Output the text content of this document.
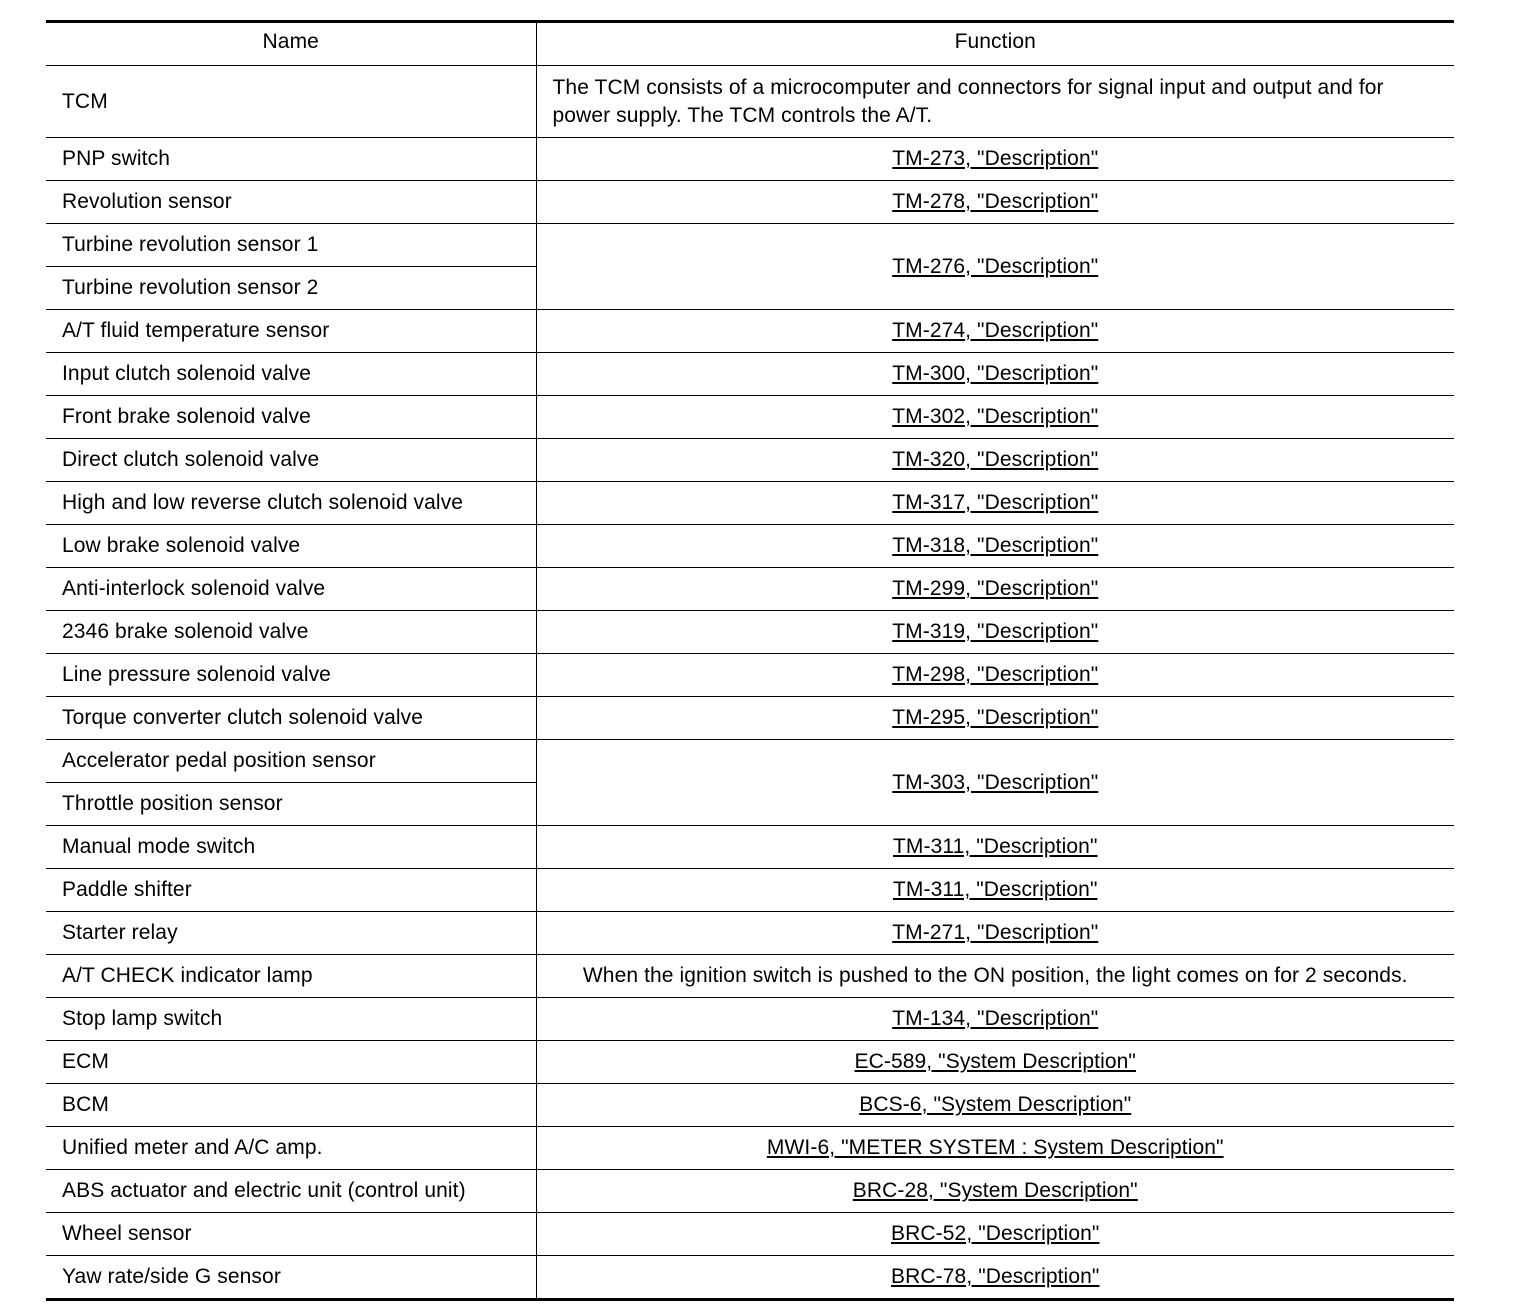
Name	Function
TCM	The TCM consists of a microcomputer and connectors for signal input and output and for power supply. The TCM controls the A/T.
PNP switch	TM-273, "Description"
Revolution sensor	TM-278, "Description"
Turbine revolution sensor 1	TM-276, "Description"
Turbine revolution sensor 2	
A/T fluid temperature sensor	TM-274, "Description"
Input clutch solenoid valve	TM-300, "Description"
Front brake solenoid valve	TM-302, "Description"
Direct clutch solenoid valve	TM-320, "Description"
High and low reverse clutch solenoid valve	TM-317, "Description"
Low brake solenoid valve	TM-318, "Description"
Anti-interlock solenoid valve	TM-299, "Description"
2346 brake solenoid valve	TM-319, "Description"
Line pressure solenoid valve	TM-298, "Description"
Torque converter clutch solenoid valve	TM-295, "Description"
Accelerator pedal position sensor	TM-303, "Description"
Throttle position sensor	
Manual mode switch	TM-311, "Description"
Paddle shifter	TM-311, "Description"
Starter relay	TM-271, "Description"
A/T CHECK indicator lamp	When the ignition switch is pushed to the ON position, the light comes on for 2 seconds.
Stop lamp switch	TM-134, "Description"
ECM	EC-589, "System Description"
BCM	BCS-6, "System Description"
Unified meter and A/C amp.	MWI-6, "METER SYSTEM : System Description"
ABS actuator and electric unit (control unit)	BRC-28, "System Description"
Wheel sensor	BRC-52, "Description"
Yaw rate/side G sensor	BRC-78, "Description"
